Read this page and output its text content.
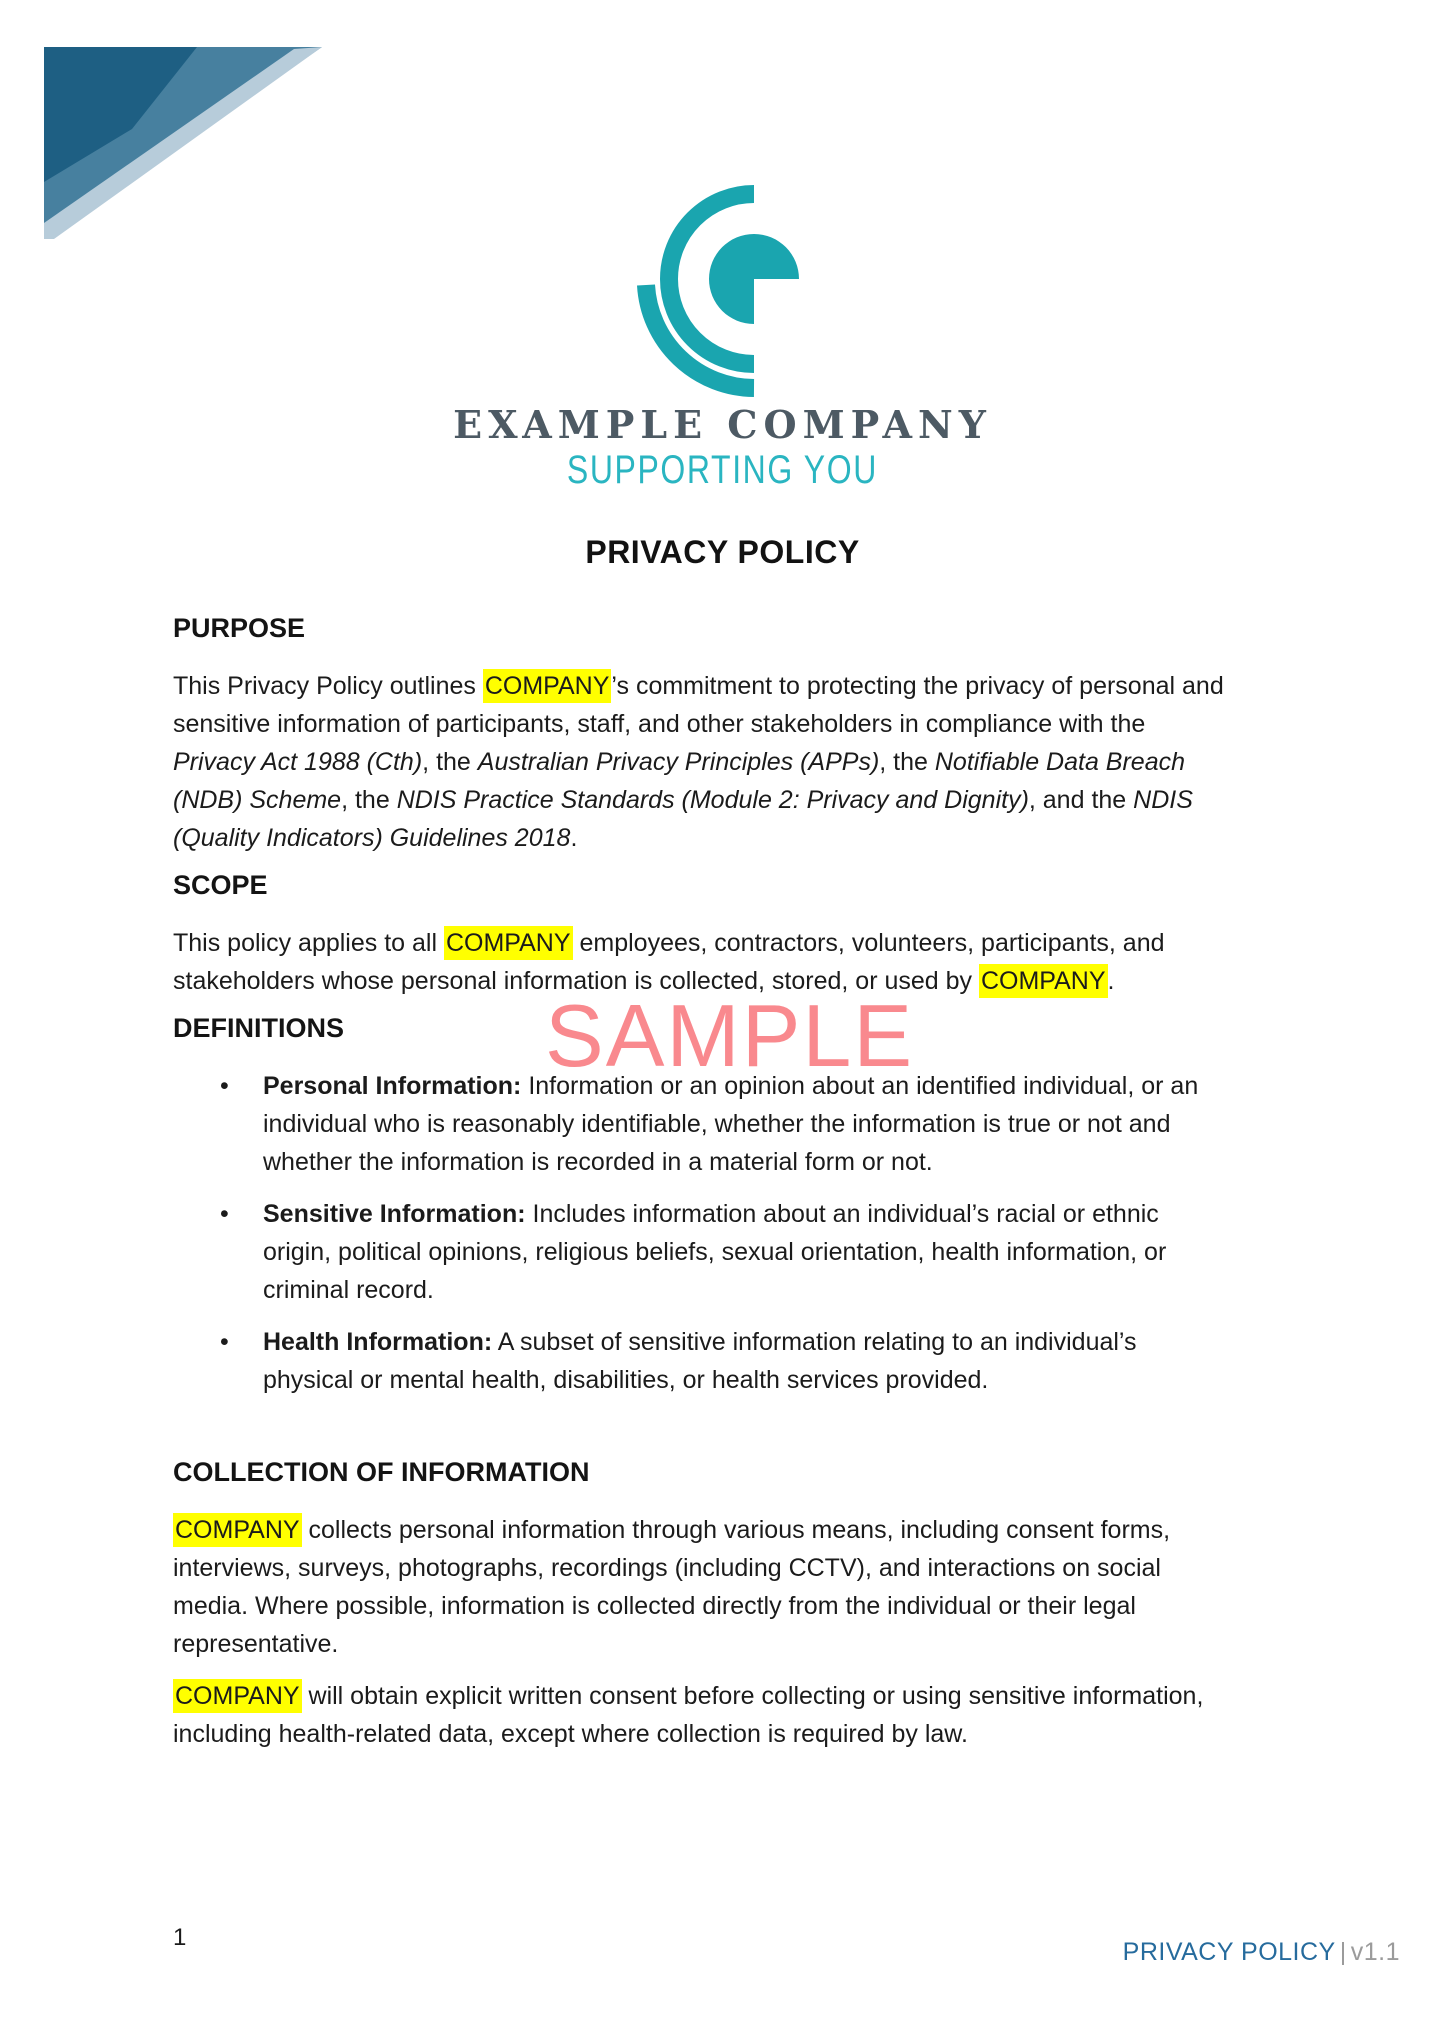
EXAMPLE COMPANY
SUPPORTING YOU
PRIVACY POLICY
SAMPLE
PURPOSE
This Privacy Policy outlines COMPANY’s commitment to protecting the privacy of personal and
sensitive information of participants, staff, and other stakeholders in compliance with the
Privacy Act 1988 (Cth), the Australian Privacy Principles (APPs), the Notifiable Data Breach
(NDB) Scheme, the NDIS Practice Standards (Module 2: Privacy and Dignity), and the NDIS
(Quality Indicators) Guidelines 2018.
SCOPE
This policy applies to all COMPANY employees, contractors, volunteers, participants, and
stakeholders whose personal information is collected, stored, or used by COMPANY.
DEFINITIONS
• Personal Information: Information or an opinion about an identified individual, or an
individual who is reasonably identifiable, whether the information is true or not and
whether the information is recorded in a material form or not.
• Sensitive Information: Includes information about an individual’s racial or ethnic
origin, political opinions, religious beliefs, sexual orientation, health information, or
criminal record.
• Health Information: A subset of sensitive information relating to an individual’s
physical or mental health, disabilities, or health services provided.
COLLECTION OF INFORMATION
COMPANY collects personal information through various means, including consent forms,
interviews, surveys, photographs, recordings (including CCTV), and interactions on social
media. Where possible, information is collected directly from the individual or their legal
representative.
COMPANY will obtain explicit written consent before collecting or using sensitive information,
including health-related data, except where collection is required by law.
1
PRIVACY POLICY | v1.1
